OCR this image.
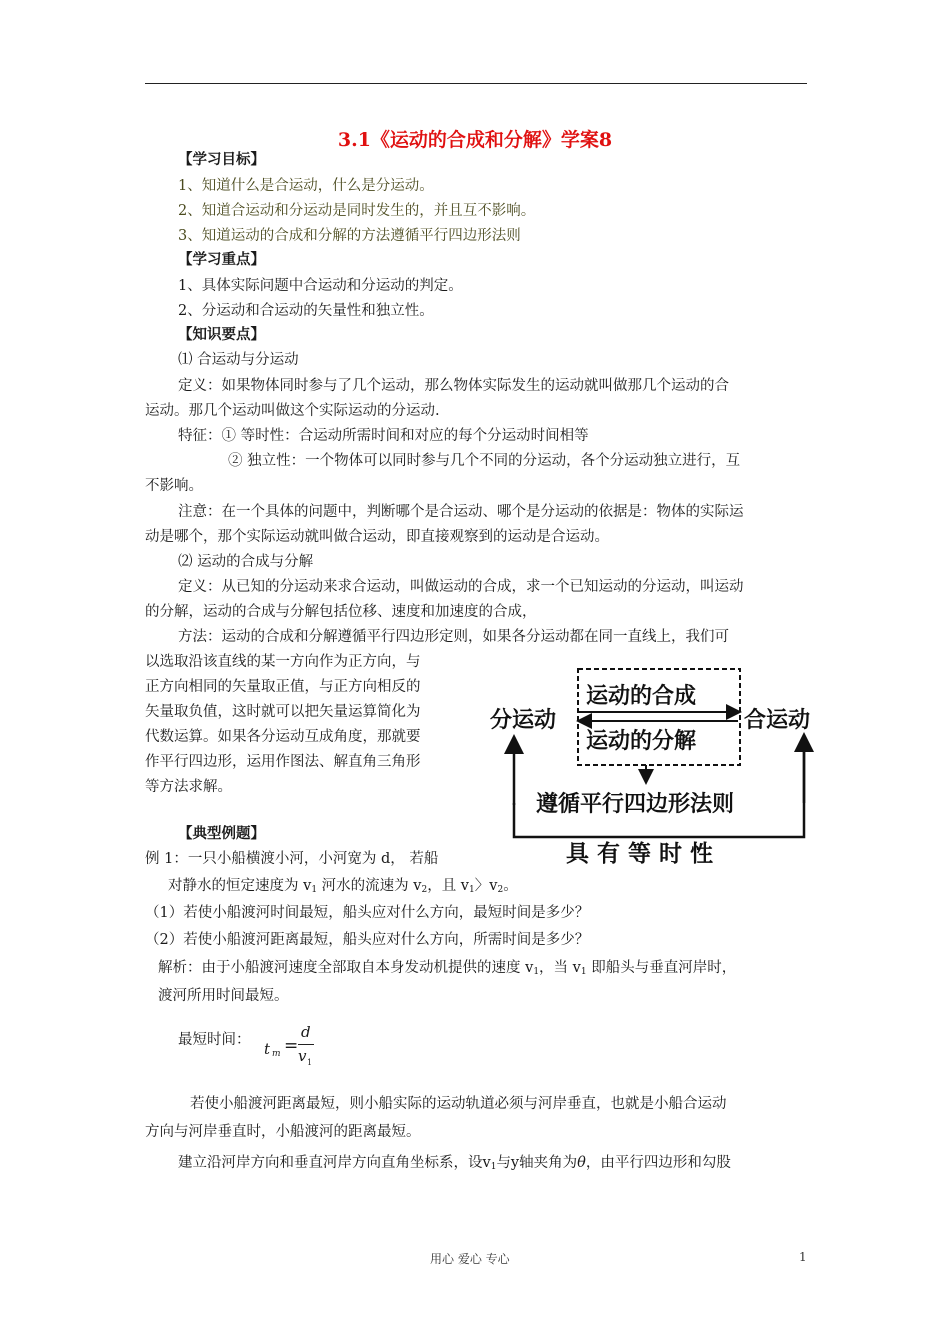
3.1《运动的合成和分解》学案8
【学习目标】
1、知道什么是合运动，什么是分运动。
2、知道合运动和分运动是同时发生的，并且互不影响。
3、知道运动的合成和分解的方法遵循平行四边形法则
【学习重点】
1、具体实际问题中合运动和分运动的判定。
2、分运动和合运动的矢量性和独立性。
【知识要点】
⑴ 合运动与分运动
定义：如果物体同时参与了几个运动，那么物体实际发生的运动就叫做那几个运动的合
运动。那几个运动叫做这个实际运动的分运动.
特征：① 等时性：合运动所需时间和对应的每个分运动时间相等
② 独立性：一个物体可以同时参与几个不同的分运动，各个分运动独立进行，互
不影响。
注意：在一个具体的问题中，判断哪个是合运动、哪个是分运动的依据是：物体的实际运
动是哪个，那个实际运动就叫做合运动，即直接观察到的运动是合运动。
⑵ 运动的合成与分解
定义：从已知的分运动来求合运动，叫做运动的合成，求一个已知运动的分运动，叫运动
的分解，运动的合成与分解包括位移、速度和加速度的合成，
方法：运动的合成和分解遵循平行四边形定则，如果各分运动都在同一直线上，我们可
以选取沿该直线的某一方向作为正方向，与
正方向相同的矢量取正值，与正方向相反的
矢量取负值，这时就可以把矢量运算简化为
代数运算。如果各分运动互成角度，那就要
作平行四边形，运用作图法、解直角三角形
等方法求解。
分运动	合运动
运动的合成
运动的分解
遵循平行四边形法则
具有等时性
【典型例题】
例 1：一只小船横渡小河，小河宽为 d， 若船
对静水的恒定速度为 $v_1$ 河水的流速为 $v_2$，且 $v_1$〉$v_2$。
（1）若使小船渡河时间最短，船头应对什么方向，最短时间是多少？
（2）若使小船渡河距离最短，船头应对什么方向，所需时间是多少？
解析：由于小船渡河速度全部取自本身发动机提供的速度 $v_1$，当 $v_1$ 即船头与垂直河岸时，
渡河所用时间最短。
最短时间： t m =
d
v 1
若使小船渡河距离最短，则小船实际的运动轨道必须与河岸垂直，也就是小船合运动
方向与河岸垂直时，小船渡河的距离最短。
建立沿河岸方向和垂直河岸方向直角坐标系，设$v_1$与y轴夹角为θ，由平行四边形和勾股
用心 爱心 专心	1
